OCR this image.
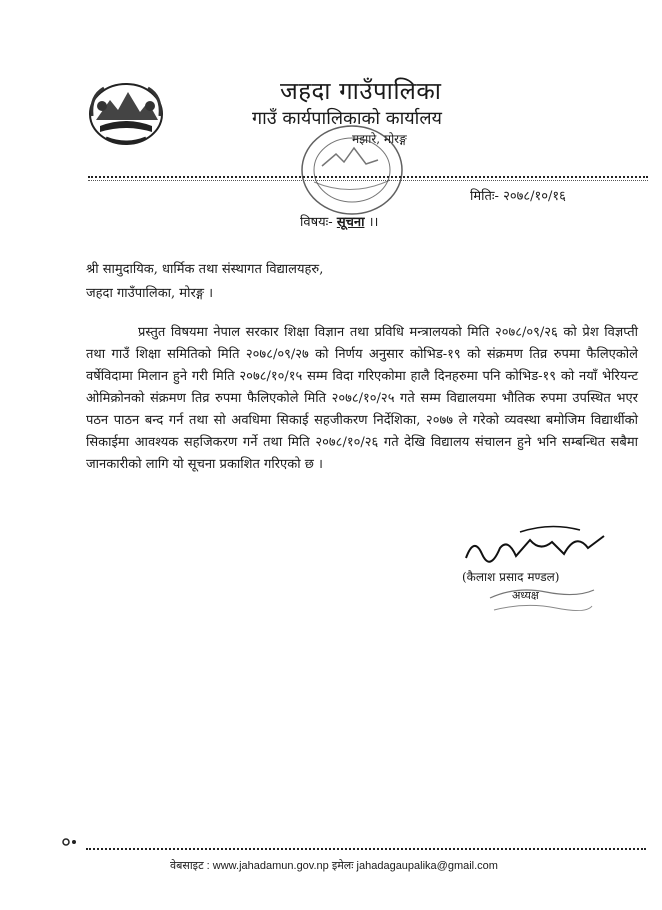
जहदा गाउँपालिका
गाउँ कार्यपालिकाको कार्यालय
मझारे, मोरङ्ग
मितिः- २०७८/१०/१६
विषयः- सूचना ।।
श्री सामुदायिक, धार्मिक तथा संस्थागत विद्यालयहरु,
जहदा गाउँपालिका, मोरङ्ग ।
प्रस्तुत विषयमा नेपाल सरकार शिक्षा विज्ञान तथा प्रविधि मन्त्रालयको मिति २०७८/०९/२६ को प्रेश विज्ञप्ती तथा गाउँ शिक्षा समितिको मिति २०७८/०९/२७ को निर्णय अनुसार कोभिड-१९ को संक्रमण तिव्र रुपमा फैलिएकोले वर्षेविदामा मिलान हुने गरी मिति २०७८/१०/१५ सम्म विदा गरिएकोमा हालै दिनहरुमा पनि कोभिड-१९ को नयाँ भेरियन्ट ओमिक्रोनको संक्रमण तिव्र रुपमा फैलिएकोले मिति २०७८/१०/२५ गते सम्म विद्यालयमा भौतिक रुपमा उपस्थित भएर पठन पाठन बन्द गर्न तथा सो अवधिमा सिकाई सहजीकरण निर्देशिका, २०७७ ले गरेको व्यवस्था बमोजिम विद्यार्थीको सिकाईमा आवश्यक सहजिकरण गर्ने तथा मिति २०७८/१०/२६ गते देखि विद्यालय संचालन हुने भनि सम्बन्धित सबैमा जानकारीको लागि यो सूचना प्रकाशित गरिएको छ ।
(कैलाश प्रसाद मण्डल)
अध्यक्ष
वेबसाइट : www.jahadamun.gov.np इमेलः jahadagaupalika@gmail.com
